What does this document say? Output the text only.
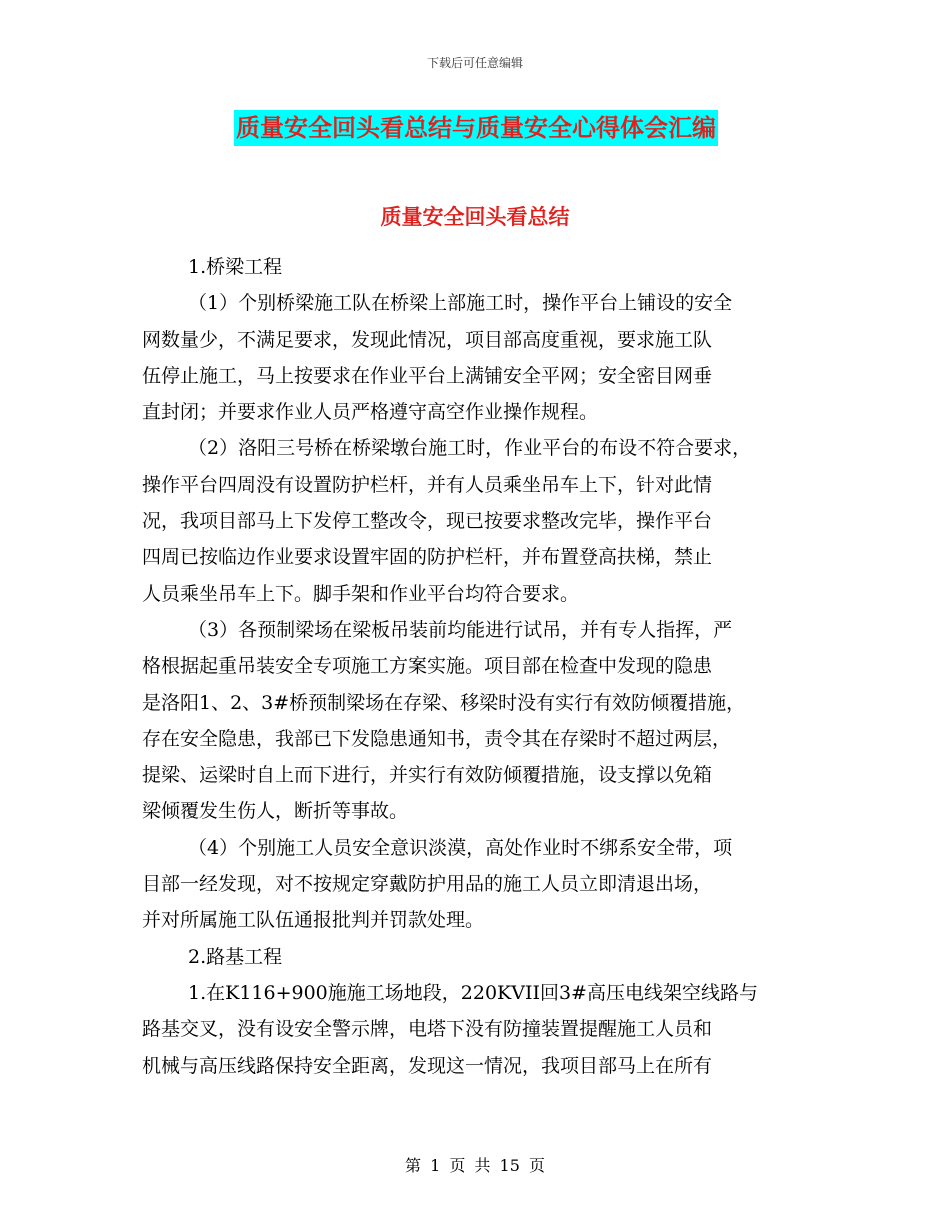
下载后可任意编辑
质量安全回头看总结与质量安全心得体会汇编
质量安全回头看总结
1.桥梁工程
（1）个别桥梁施工队在桥梁上部施工时，操作平台上铺设的安全
网数量少，不满足要求，发现此情况，项目部高度重视，要求施工队
伍停止施工，马上按要求在作业平台上满铺安全平网；安全密目网垂
直封闭；并要求作业人员严格遵守高空作业操作规程。
（2）洛阳三号桥在桥梁墩台施工时，作业平台的布设不符合要求，
操作平台四周没有设置防护栏杆，并有人员乘坐吊车上下，针对此情
况，我项目部马上下发停工整改令，现已按要求整改完毕，操作平台
四周已按临边作业要求设置牢固的防护栏杆，并布置登高扶梯，禁止
人员乘坐吊车上下。脚手架和作业平台均符合要求。
（3）各预制梁场在梁板吊装前均能进行试吊，并有专人指挥，严
格根据起重吊装安全专项施工方案实施。项目部在检查中发现的隐患
是洛阳1、2、3#桥预制梁场在存梁、移梁时没有实行有效防倾覆措施，
存在安全隐患，我部已下发隐患通知书，责令其在存梁时不超过两层，
提梁、运梁时自上而下进行，并实行有效防倾覆措施，设支撑以免箱
梁倾覆发生伤人，断折等事故。
（4）个别施工人员安全意识淡漠，高处作业时不绑系安全带，项
目部一经发现，对不按规定穿戴防护用品的施工人员立即清退出场，
并对所属施工队伍通报批判并罚款处理。
2.路基工程
1.在K116+900施施工场地段，220KVII回3#高压电线架空线路与
路基交叉，没有设安全警示牌，电塔下没有防撞装置提醒施工人员和
机械与高压线路保持安全距离，发现这一情况，我项目部马上在所有
第 1 页 共 15 页
